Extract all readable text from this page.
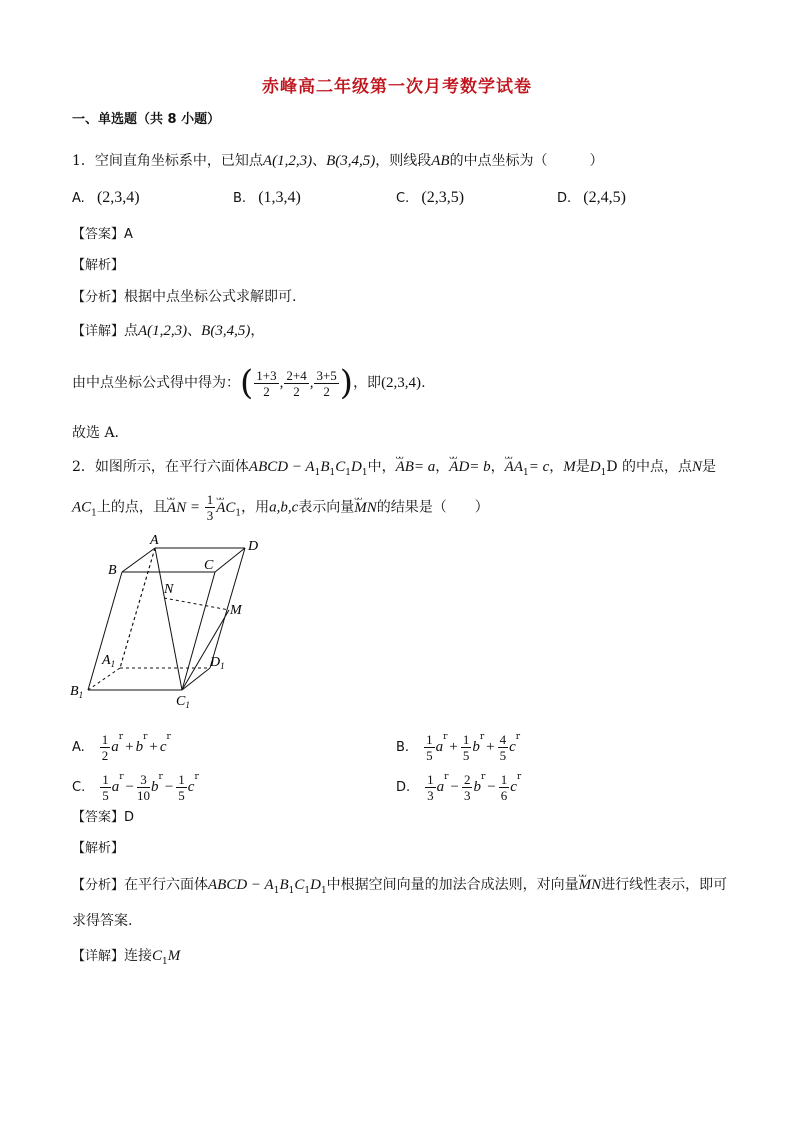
赤峰高二年级第一次月考数学试卷
一、单选题（共 8 小题）
1．空间直角坐标系中，已知点A(1,2,3)、B(3,4,5)，则线段AB的中点坐标为（　　　）
A. (2,3,4)	B. (1,3,4)	C. (2,3,5)	D. (2,4,5)
【答案】A
【解析】
【分析】根据中点坐标公式求解即可.
【详解】点A(1,2,3)、B(3,4,5)，
由中点坐标公式得中得为：( $\frac{1+3}{2}$ , $\frac{2+4}{2}$ , $\frac{3+5}{2}$ )，即(2,3,4).
故选 A.
2．如图所示，在平行六面体ABCD − $A_1B_1C_1D_1$中，ᴗᴗ AB= a，ᴗᴗ AD= b，ᴗᴗ $AA_1= c$，M是$D_1D$ 的中点，点N是
$AC_1$上的点，且ᴗᴗ AN = $\frac{1}{3}$
ᴗᴗ $AC_1$，用a,b,c表示向量ᴗᴗ MN的结果是（　　）
A
B	C
D
N
M
$A_1$	$D_1$
$B_1$	$C_1$
A. $\frac{1}{2} a^r+ b^r+ c^r$
B. $\frac{1}{5} a^r+ \frac{1}{5} b^r+ \frac{4}{5} c^r$
C. $\frac{1}{5} a^r- \frac{3}{10} b^r- \frac{1}{5} c^r$
D. $\frac{1}{3} a^r- \frac{2}{3} b^r- \frac{1}{6} c^r$
【答案】D
【解析】
【分析】在平行六面体ABCD − $A_1B_1C_1D_1$中根据空间向量的加法合成法则，对向量ᴗᴗ MN进行线性表示，即可
求得答案.
【详解】连接$C_1M$
